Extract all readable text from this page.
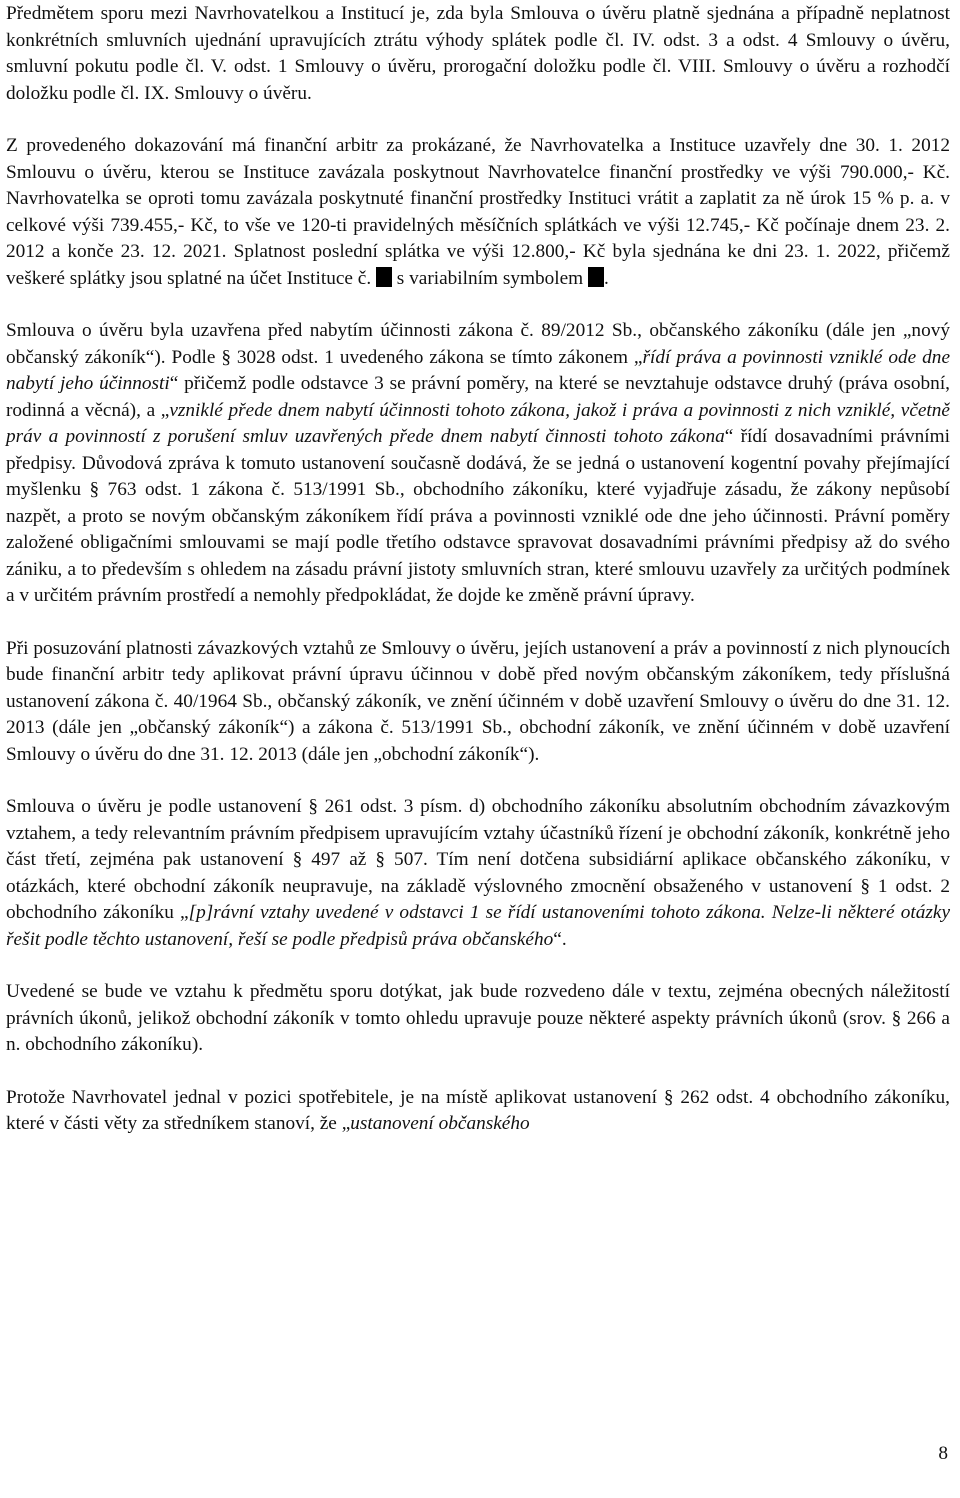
Předmětem sporu mezi Navrhovatelkou a Institucí je, zda byla Smlouva o úvěru platně sjednána a případně neplatnost konkrétních smluvních ujednání upravujících ztrátu výhody splátek podle čl. IV. odst. 3 a odst. 4 Smlouvy o úvěru, smluvní pokutu podle čl. V. odst. 1 Smlouvy o úvěru, prorogační doložku podle čl. VIII. Smlouvy o úvěru a rozhodčí doložku podle čl. IX. Smlouvy o úvěru.

Z provedeného dokazování má finanční arbitr za prokázané, že Navrhovatelka a Instituce uzavřely dne 30. 1. 2012 Smlouvu o úvěru, kterou se Instituce zavázala poskytnout Navrhovatelce finanční prostředky ve výši 790.000,- Kč. Navrhovatelka se oproti tomu zavázala poskytnuté finanční prostředky Instituci vrátit a zaplatit za ně úrok 15 % p. a. v celkové výši 739.455,- Kč, to vše ve 120-ti pravidelných měsíčních splátkách ve výši 12.745,- Kč počínaje dnem 23. 2. 2012 a konče 23. 12. 2021. Splatnost poslední splátka ve výši 12.800,- Kč byla sjednána ke dni 23. 1. 2022, přičemž veškeré splátky jsou splatné na účet Instituce č.  s variabilním symbolem .

Smlouva o úvěru byla uzavřena před nabytím účinnosti zákona č. 89/2012 Sb., občanského zákoníku (dále jen „nový občanský zákoník“). Podle § 3028 odst. 1 uvedeného zákona se tímto zákonem „řídí práva a povinnosti vzniklé ode dne nabytí jeho účinnosti“ přičemž podle odstavce 3 se právní poměry, na které se nevztahuje odstavce druhý (práva osobní, rodinná a věcná), a „vzniklé přede dnem nabytí účinnosti tohoto zákona, jakož i práva a povinnosti z nich vzniklé, včetně práv a povinností z porušení smluv uzavřených přede dnem nabytí činnosti tohoto zákona“ řídí dosavadními právními předpisy. Důvodová zpráva k tomuto ustanovení současně dodává, že se jedná o ustanovení kogentní povahy přejímající myšlenku § 763 odst. 1 zákona č. 513/1991 Sb., obchodního zákoníku, které vyjadřuje zásadu, že zákony nepůsobí nazpět, a proto se novým občanským zákoníkem řídí práva a povinnosti vzniklé ode dne jeho účinnosti. Právní poměry založené obligačními smlouvami se mají podle třetího odstavce spravovat dosavadními právními předpisy až do svého zániku, a to především s ohledem na zásadu právní jistoty smluvních stran, které smlouvu uzavřely za určitých podmínek a v určitém právním prostředí a nemohly předpokládat, že dojde ke změně právní úpravy.

Při posuzování platnosti závazkových vztahů ze Smlouvy o úvěru, jejích ustanovení a práv a povinností z nich plynoucích bude finanční arbitr tedy aplikovat právní úpravu účinnou v době před novým občanským zákoníkem, tedy příslušná ustanovení zákona č. 40/1964 Sb., občanský zákoník, ve znění účinném v době uzavření Smlouvy o úvěru do dne 31. 12. 2013 (dále jen „občanský zákoník“) a zákona č. 513/1991 Sb., obchodní zákoník, ve znění účinném v době uzavření Smlouvy o úvěru do dne 31. 12. 2013 (dále jen „obchodní zákoník“).

Smlouva o úvěru je podle ustanovení § 261 odst. 3 písm. d) obchodního zákoníku absolutním obchodním závazkovým vztahem, a tedy relevantním právním předpisem upravujícím vztahy účastníků řízení je obchodní zákoník, konkrétně jeho část třetí, zejména pak ustanovení § 497 až § 507. Tím není dotčena subsidiární aplikace občanského zákoníku, v otázkách, které obchodní zákoník neupravuje, na základě výslovného zmocnění obsaženého v ustanovení § 1 odst. 2 obchodního zákoníku „[p]rávní vztahy uvedené v odstavci 1 se řídí ustanoveními tohoto zákona. Nelze-li některé otázky řešit podle těchto ustanovení, řeší se podle předpisů práva občanského“.

Uvedené se bude ve vztahu k předmětu sporu dotýkat, jak bude rozvedeno dále v textu, zejména obecných náležitostí právních úkonů, jelikož obchodní zákoník v tomto ohledu upravuje pouze některé aspekty právních úkonů (srov. § 266 a n. obchodního zákoníku).

Protože Navrhovatel jednal v pozici spotřebitele, je na místě aplikovat ustanovení § 262 odst. 4 obchodního zákoníku, které v části věty za středníkem stanoví, že „ustanovení občanského

8
